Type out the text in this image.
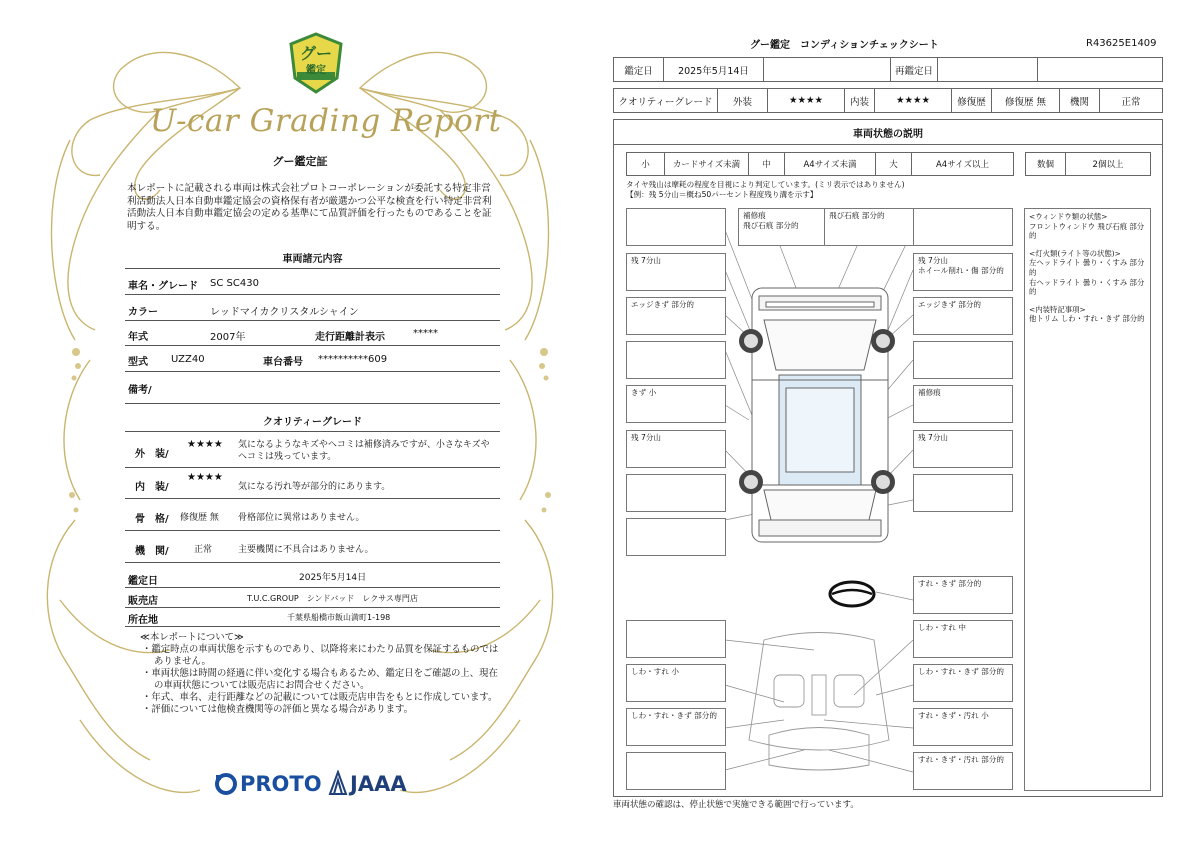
グー
鑑定
U-car Grading Report
グー鑑定証
本レポートに記載される車両は株式会社プロトコーポレーションが委託する特定非営利活動法人日本自動車鑑定協会の資格保有者が厳選かつ公平な検査を行い特定非営利活動法人日本自動車鑑定協会の定める基準にて品質評価を行ったものであることを証明する。
車両諸元内容
車名・グレード SC SC430
カラー	レッドマイカクリスタルシャイン
年式	2007年	走行距離計表示	*****
型式 UZZ40	車台番号 **********609
備考/
クオリティーグレード
外　装/
★★★★ 気になるようなキズやヘコミは補修済みですが、小さなキズやヘコミは残っています。
内　装/
★★★★
気になる汚れ等が部分的にあります。
骨　格/ 修復歴 無 骨格部位に異常はありません。
機　関/	正常	主要機関に不具合はありません。
鑑定日	2025年5月14日
販売店	T.U.C.GROUP　シンドバッド　レクサス専門店
所在地	千葉県船橋市飯山満町1-198
≪本レポートについて≫
・鑑定時点の車両状態を示すものであり、以降将来にわたり品質を保証するものではありません。
・車両状態は時間の経過に伴い変化する場合もあるため、鑑定日をご確認の上、現在の車両状態については販売店にお問合せください。
・年式、車名、走行距離などの記載については販売店申告をもとに作成しています。
・評価については他検査機関等の評価と異なる場合があります。
PROTO JAAA
グー鑑定　コンディションチェックシート	R43625E1409
鑑定日	2025年5月14日	再鑑定日
クオリティーグレード	外装	★★★★	内装	★★★★	修復歴	修復歴 無	機関	正常
車両状態の説明
小	カードサイズ未満	中	A4サイズ未満	大	A4サイズ以上	数個	2個以上
タイヤ残山は摩耗の程度を目視により判定しています。(ミリ表示ではありません)
【例：残 5分山＝概ね50パーセント程度残り溝を示す】
<ウィンドウ類の状態>
フロントウィンドウ 飛び石痕 部分的
<灯火類(ライト等の状態)>
左ヘッドライト 曇り・くすみ 部分的
右ヘッドライト 曇り・くすみ 部分的
<内装特記事項>
他トリム しわ・すれ・きず 部分的
補修痕
飛び石痕 部分的
飛び石痕 部分的
残 7分山	残 7分山
ホイール削れ・傷 部分的
エッジきず 部分的	エッジきず 部分的
きず 小	補修痕
残 7分山	残 7分山
すれ・きず 部分的
しわ・すれ 中
しわ・すれ 小	しわ・すれ・きず 部分的
しわ・すれ・きず 部分的	すれ・きず・汚れ 小
すれ・きず・汚れ 部分的
車両状態の確認は、停止状態で実施できる範囲で行っています。
